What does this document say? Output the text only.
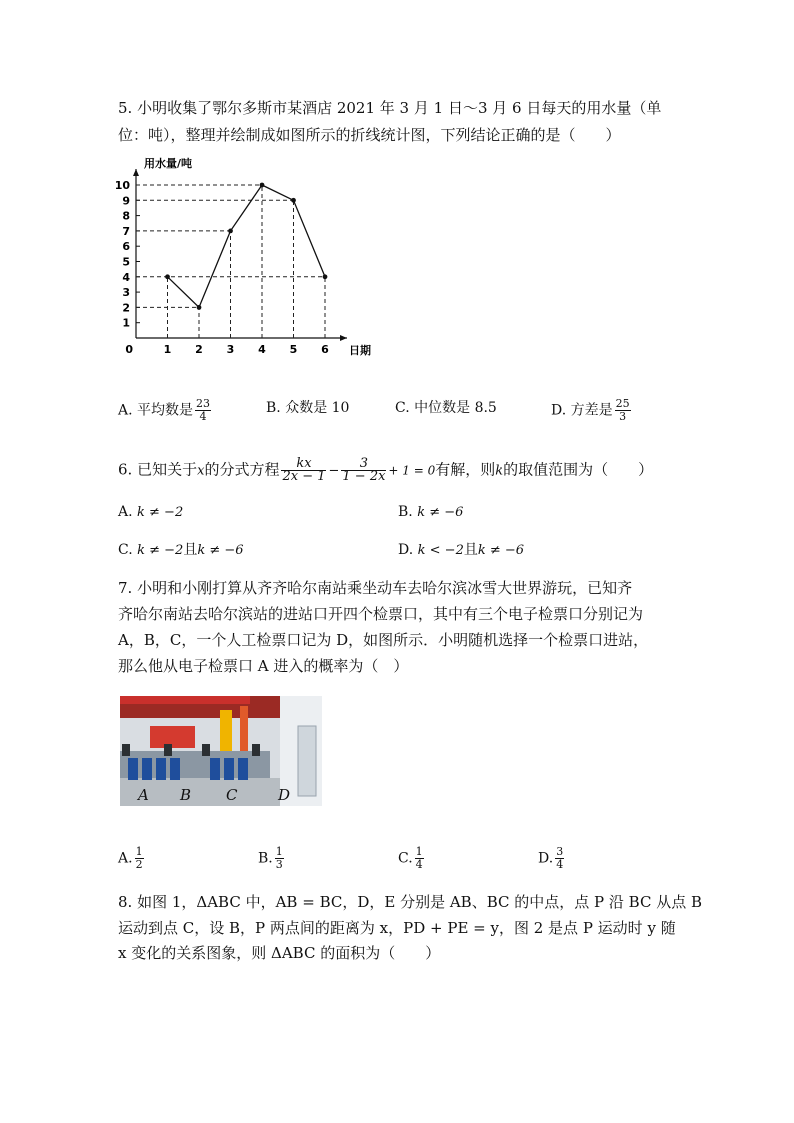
5. 小明收集了鄂尔多斯市某酒店 2021 年 3 月 1 日～3 月 6 日每天的用水量（单
位：吨），整理并绘制成如图所示的折线统计图，下列结论正确的是（　　）
1
2
3
4
5
6
7
8
9
10
1 2 3 4 5 6
0
用水量/吨
日期
A. 平均数是 $\frac{23}{4}$	B. 众数是 10	C. 中位数是 8.5	D. 方差是 $\frac{25}{3}$
6. 已知关于x的分式方程 $\frac{kx}{2x - 1} - \frac{3}{1 - 2x} + 1 = 0$有解，则k的取值范围为（　　）
A. k ≠ −2	B. k ≠ −6
C. k ≠ −2且k ≠ −6	D. k < −2且k ≠ −6
7. 小明和小刚打算从齐齐哈尔南站乘坐动车去哈尔滨冰雪大世界游玩，已知齐
齐哈尔南站去哈尔滨站的进站口开四个检票口，其中有三个电子检票口分别记为
A，B，C，一个人工检票口记为 D，如图所示．小明随机选择一个检票口进站，
那么他从电子检票口 A 进入的概率为（　）
A B C	D
A. $\frac{1}{2}$	B. $\frac{1}{3}$	C. $\frac{1}{4}$	D. $\frac{3}{4}$
8. 如图 1，ΔABC 中，AB = BC，D，E 分别是 AB、BC 的中点，点 P 沿 BC 从点 B
运动到点 C，设 B，P 两点间的距离为 x，PD + PE = y，图 2 是点 P 运动时 y 随
x 变化的关系图象，则 ΔABC 的面积为（　　）
